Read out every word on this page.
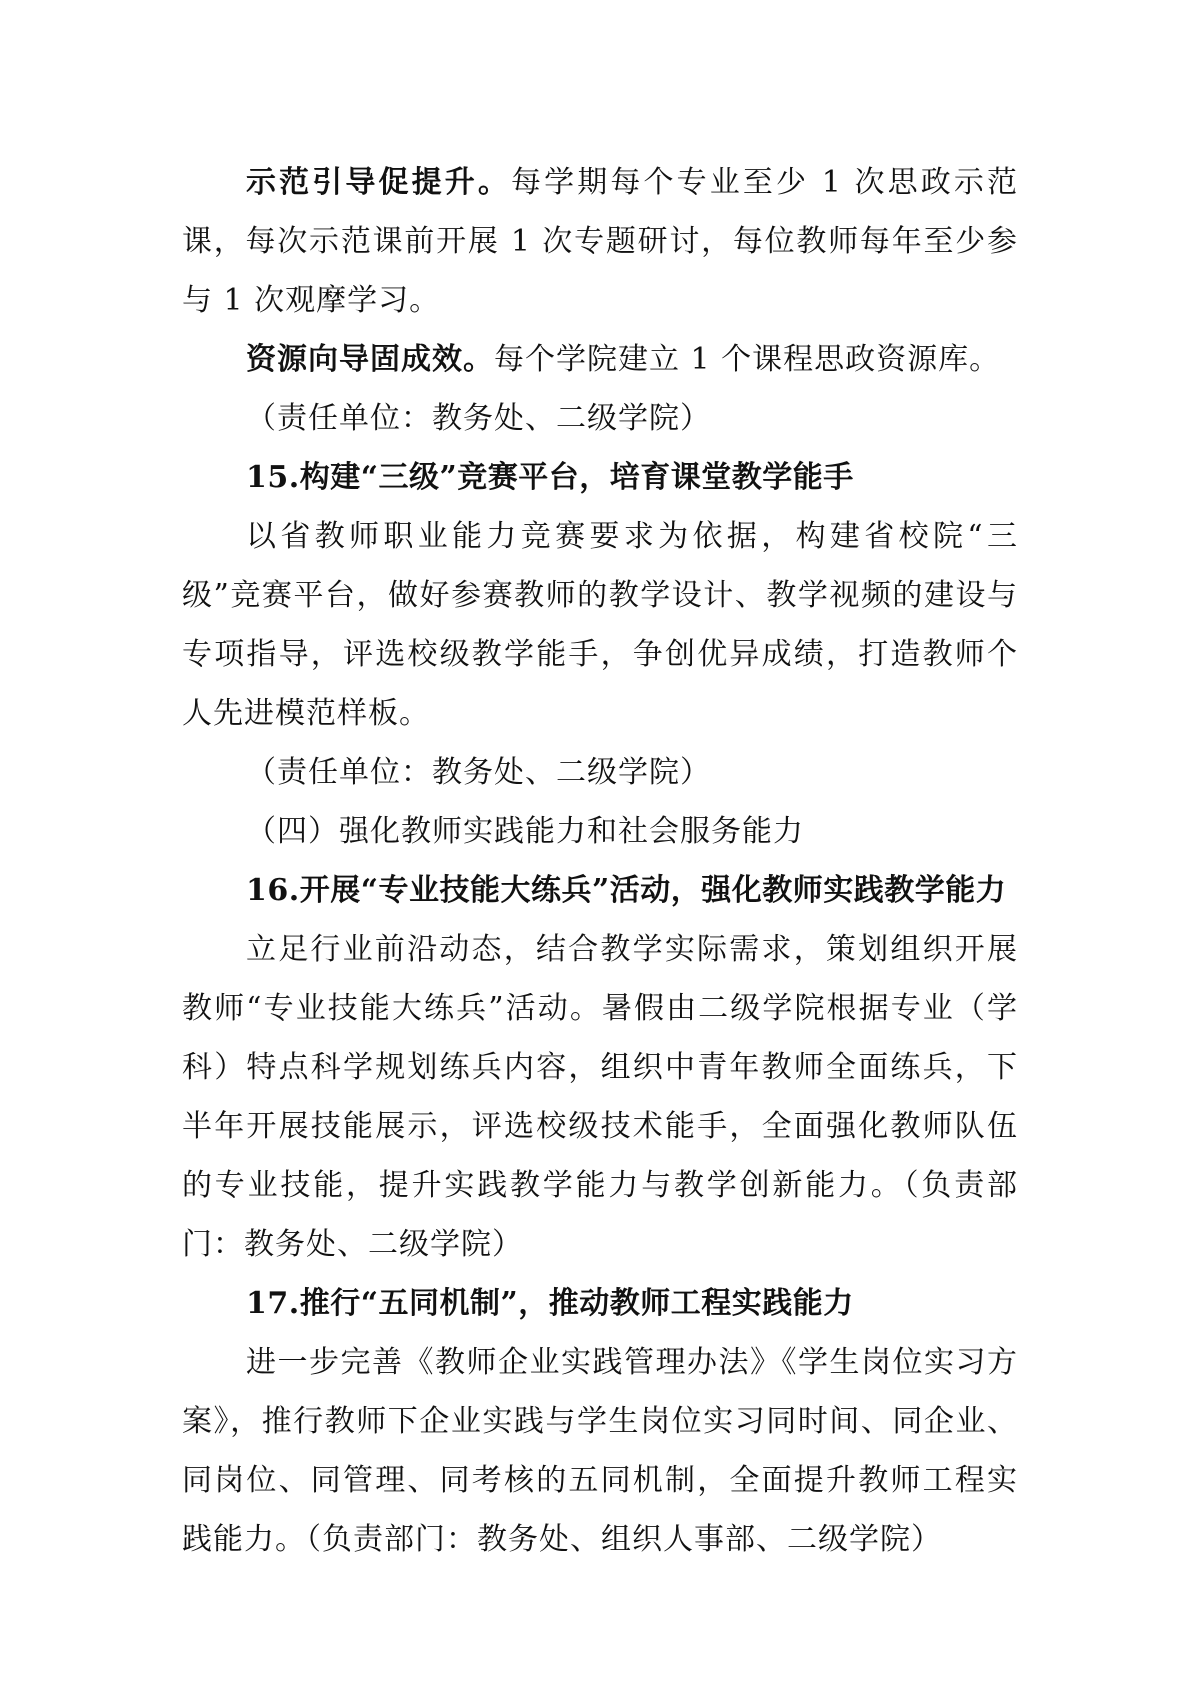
示范引导促提升。每学期每个专业至少 1 次思政示范课，每次示范课前开展 1 次专题研讨，每位教师每年至少参与 1 次观摩学习。

资源向导固成效。每个学院建立 1 个课程思政资源库。

（责任单位：教务处、二级学院）

15.构建“三级”竞赛平台，培育课堂教学能手

以省教师职业能力竞赛要求为依据，构建省校院“三级”竞赛平台，做好参赛教师的教学设计、教学视频的建设与专项指导，评选校级教学能手，争创优异成绩，打造教师个人先进模范样板。

（责任单位：教务处、二级学院）

（四）强化教师实践能力和社会服务能力

16.开展“专业技能大练兵”活动，强化教师实践教学能力

立足行业前沿动态，结合教学实际需求，策划组织开展教师“专业技能大练兵”活动。暑假由二级学院根据专业（学科）特点科学规划练兵内容，组织中青年教师全面练兵，下半年开展技能展示，评选校级技术能手，全面强化教师队伍的专业技能，提升实践教学能力与教学创新能力。（负责部门：教务处、二级学院）

17.推行“五同机制”，推动教师工程实践能力

进一步完善《教师企业实践管理办法》《学生岗位实习方案》，推行教师下企业实践与学生岗位实习同时间、同企业、同岗位、同管理、同考核的五同机制，全面提升教师工程实践能力。（负责部门：教务处、组织人事部、二级学院）
